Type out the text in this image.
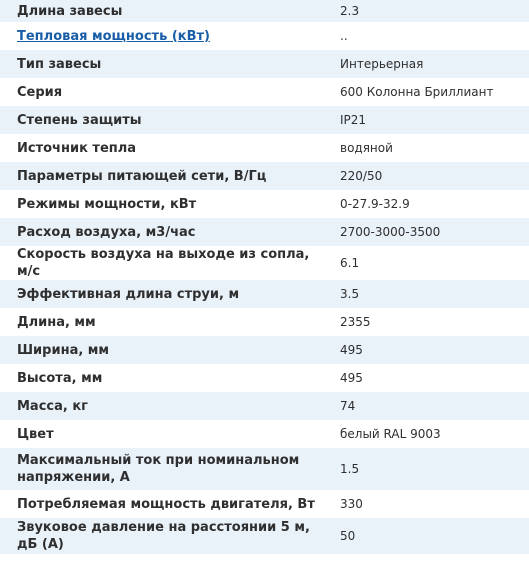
Длина завесы	2.3
Тепловая мощность (кВт)	..
Тип завесы	Интерьерная
Серия	600 Колонна Бриллиант
Степень защиты	IP21
Источник тепла	водяной
Параметры питающей сети, В/Гц	220/50
Режимы мощности, кВт	0-27.9-32.9
Расход воздуха, м3/час	2700-3000-3500
Скорость воздуха на выходе из сопла, м/с	6.1
Эффективная длина струи, м	3.5
Длина, мм	2355
Ширина, мм	495
Высота, мм	495
Масса, кг	74
Цвет	белый RAL 9003
Максимальный ток при номинальном напряжении, А	1.5
Потребляемая мощность двигателя, Вт	330
Звуковое давление на расстоянии 5 м, дБ (А)	50
